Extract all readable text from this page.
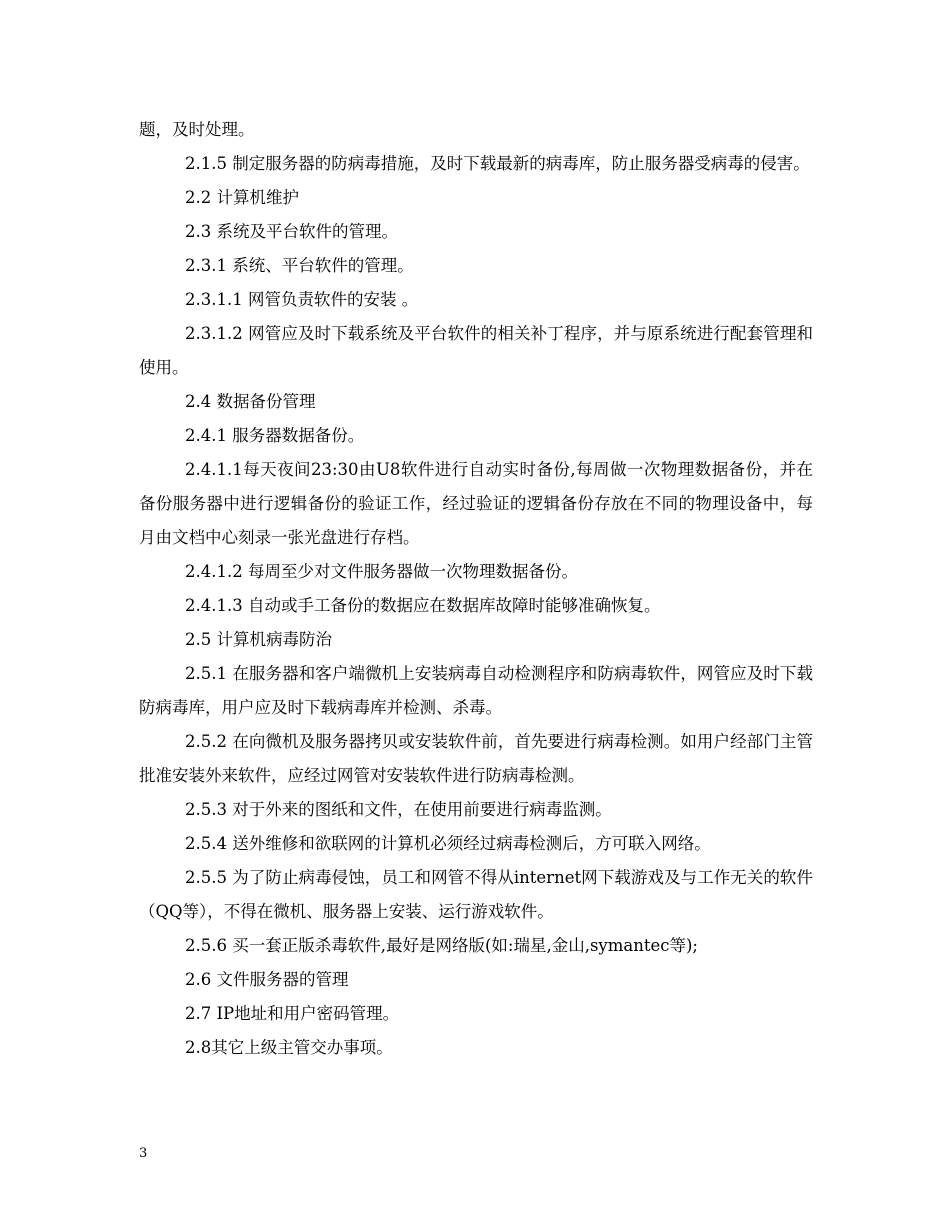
题，及时处理。

2.1.5 制定服务器的防病毒措施，及时下载最新的病毒库，防止服务器受病毒的侵害。

2.2 计算机维护

2.3 系统及平台软件的管理。

2.3.1 系统、平台软件的管理。

2.3.1.1 网管负责软件的安装 。

2.3.1.2 网管应及时下载系统及平台软件的相关补丁程序，并与原系统进行配套管理和使用。

2.4 数据备份管理

2.4.1 服务器数据备份。

2.4.1.1每天夜间23:30由U8软件进行自动实时备份,每周做一次物理数据备份，并在备份服务器中进行逻辑备份的验证工作，经过验证的逻辑备份存放在不同的物理设备中，每月由文档中心刻录一张光盘进行存档。

2.4.1.2 每周至少对文件服务器做一次物理数据备份。

2.4.1.3 自动或手工备份的数据应在数据库故障时能够准确恢复。

2.5 计算机病毒防治

2.5.1 在服务器和客户端微机上安装病毒自动检测程序和防病毒软件，网管应及时下载防病毒库，用户应及时下载病毒库并检测、杀毒。

2.5.2 在向微机及服务器拷贝或安装软件前，首先要进行病毒检测。如用户经部门主管批准安装外来软件，应经过网管对安装软件进行防病毒检测。

2.5.3 对于外来的图纸和文件，在使用前要进行病毒监测。

2.5.4 送外维修和欲联网的计算机必须经过病毒检测后，方可联入网络。

2.5.5 为了防止病毒侵蚀，员工和网管不得从internet网下载游戏及与工作无关的软件（QQ等），不得在微机、服务器上安装、运行游戏软件。

2.5.6 买一套正版杀毒软件,最好是网络版(如:瑞星,金山,symantec等);

2.6 文件服务器的管理

2.7 IP地址和用户密码管理。

2.8其它上级主管交办事项。

3
